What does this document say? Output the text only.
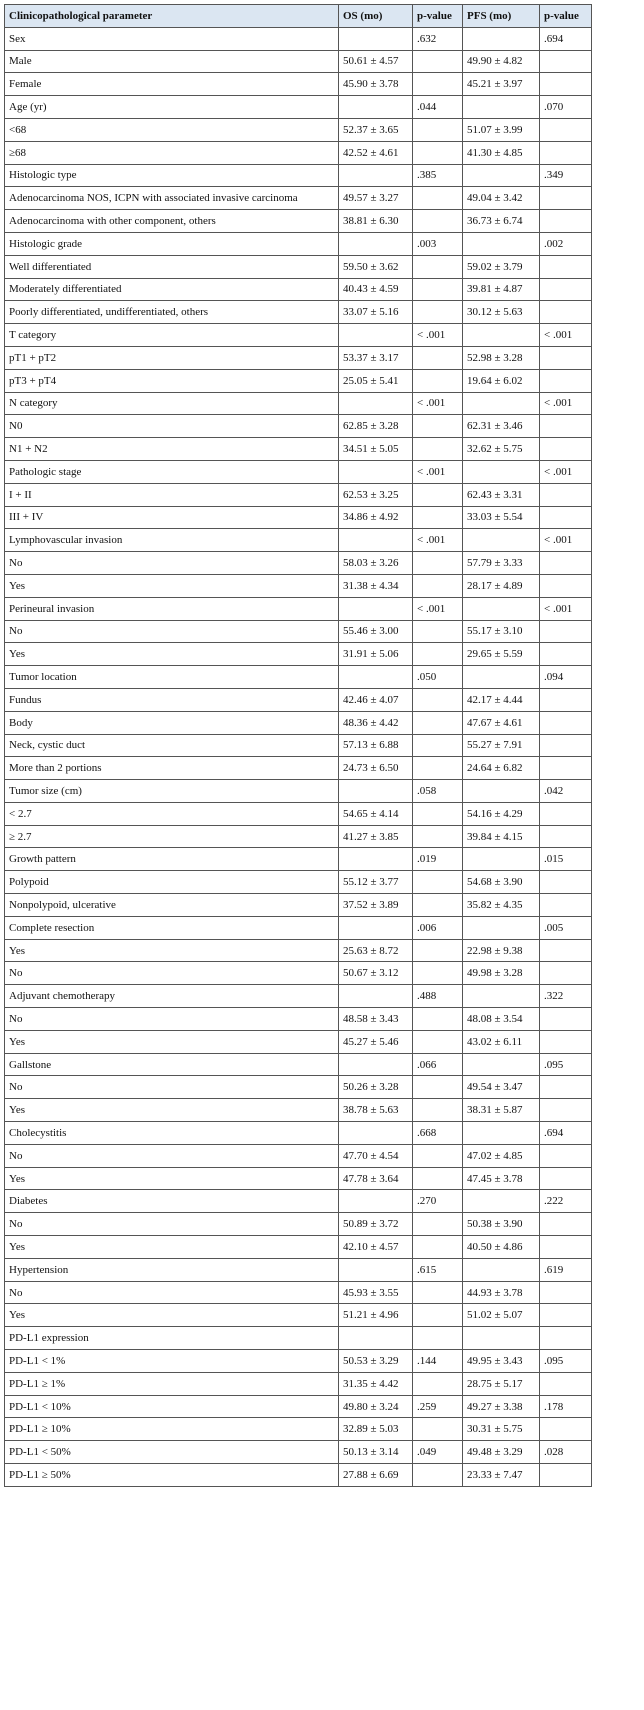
Clinicopathological parameter	OS (mo)	p-value	PFS (mo)	p-value
Sex		.632		.694
Male	50.61 ± 4.57		49.90 ± 4.82	
Female	45.90 ± 3.78		45.21 ± 3.97	
Age (yr)		.044		.070
<68	52.37 ± 3.65		51.07 ± 3.99	
≥68	42.52 ± 4.61		41.30 ± 4.85	
Histologic type		.385		.349
Adenocarcinoma NOS, ICPN with associated invasive carcinoma	49.57 ± 3.27		49.04 ± 3.42	
Adenocarcinoma with other component, others	38.81 ± 6.30		36.73 ± 6.74	
Histologic grade		.003		.002
Well differentiated	59.50 ± 3.62		59.02 ± 3.79	
Moderately differentiated	40.43 ± 4.59		39.81 ± 4.87	
Poorly differentiated, undifferentiated, others	33.07 ± 5.16		30.12 ± 5.63	
T category		< .001		< .001
pT1 + pT2	53.37 ± 3.17		52.98 ± 3.28	
pT3 + pT4	25.05 ± 5.41		19.64 ± 6.02	
N category		< .001		< .001
N0	62.85 ± 3.28		62.31 ± 3.46	
N1 + N2	34.51 ± 5.05		32.62 ± 5.75	
Pathologic stage		< .001		< .001
I + II	62.53 ± 3.25		62.43 ± 3.31	
III + IV	34.86 ± 4.92		33.03 ± 5.54	
Lymphovascular invasion		< .001		< .001
No	58.03 ± 3.26		57.79 ± 3.33	
Yes	31.38 ± 4.34		28.17 ± 4.89	
Perineural invasion		< .001		< .001
No	55.46 ± 3.00		55.17 ± 3.10	
Yes	31.91 ± 5.06		29.65 ± 5.59	
Tumor location		.050		.094
Fundus	42.46 ± 4.07		42.17 ± 4.44	
Body	48.36 ± 4.42		47.67 ± 4.61	
Neck, cystic duct	57.13 ± 6.88		55.27 ± 7.91	
More than 2 portions	24.73 ± 6.50		24.64 ± 6.82	
Tumor size (cm)		.058		.042
< 2.7	54.65 ± 4.14		54.16 ± 4.29	
≥ 2.7	41.27 ± 3.85		39.84 ± 4.15	
Growth pattern		.019		.015
Polypoid	55.12 ± 3.77		54.68 ± 3.90	
Nonpolypoid, ulcerative	37.52 ± 3.89		35.82 ± 4.35	
Complete resection		.006		.005
Yes	25.63 ± 8.72		22.98 ± 9.38	
No	50.67 ± 3.12		49.98 ± 3.28	
Adjuvant chemotherapy		.488		.322
No	48.58 ± 3.43		48.08 ± 3.54	
Yes	45.27 ± 5.46		43.02 ± 6.11	
Gallstone		.066		.095
No	50.26 ± 3.28		49.54 ± 3.47	
Yes	38.78 ± 5.63		38.31 ± 5.87	
Cholecystitis		.668		.694
No	47.70 ± 4.54		47.02 ± 4.85	
Yes	47.78 ± 3.64		47.45 ± 3.78	
Diabetes		.270		.222
No	50.89 ± 3.72		50.38 ± 3.90	
Yes	42.10 ± 4.57		40.50 ± 4.86	
Hypertension		.615		.619
No	45.93 ± 3.55		44.93 ± 3.78	
Yes	51.21 ± 4.96		51.02 ± 5.07	
PD-L1 expression				
PD-L1 < 1%	50.53 ± 3.29	.144	49.95 ± 3.43	.095
PD-L1 ≥ 1%	31.35 ± 4.42		28.75 ± 5.17	
PD-L1 < 10%	49.80 ± 3.24	.259	49.27 ± 3.38	.178
PD-L1 ≥ 10%	32.89 ± 5.03		30.31 ± 5.75	
PD-L1 < 50%	50.13 ± 3.14	.049	49.48 ± 3.29	.028
PD-L1 ≥ 50%	27.88 ± 6.69		23.33 ± 7.47	
